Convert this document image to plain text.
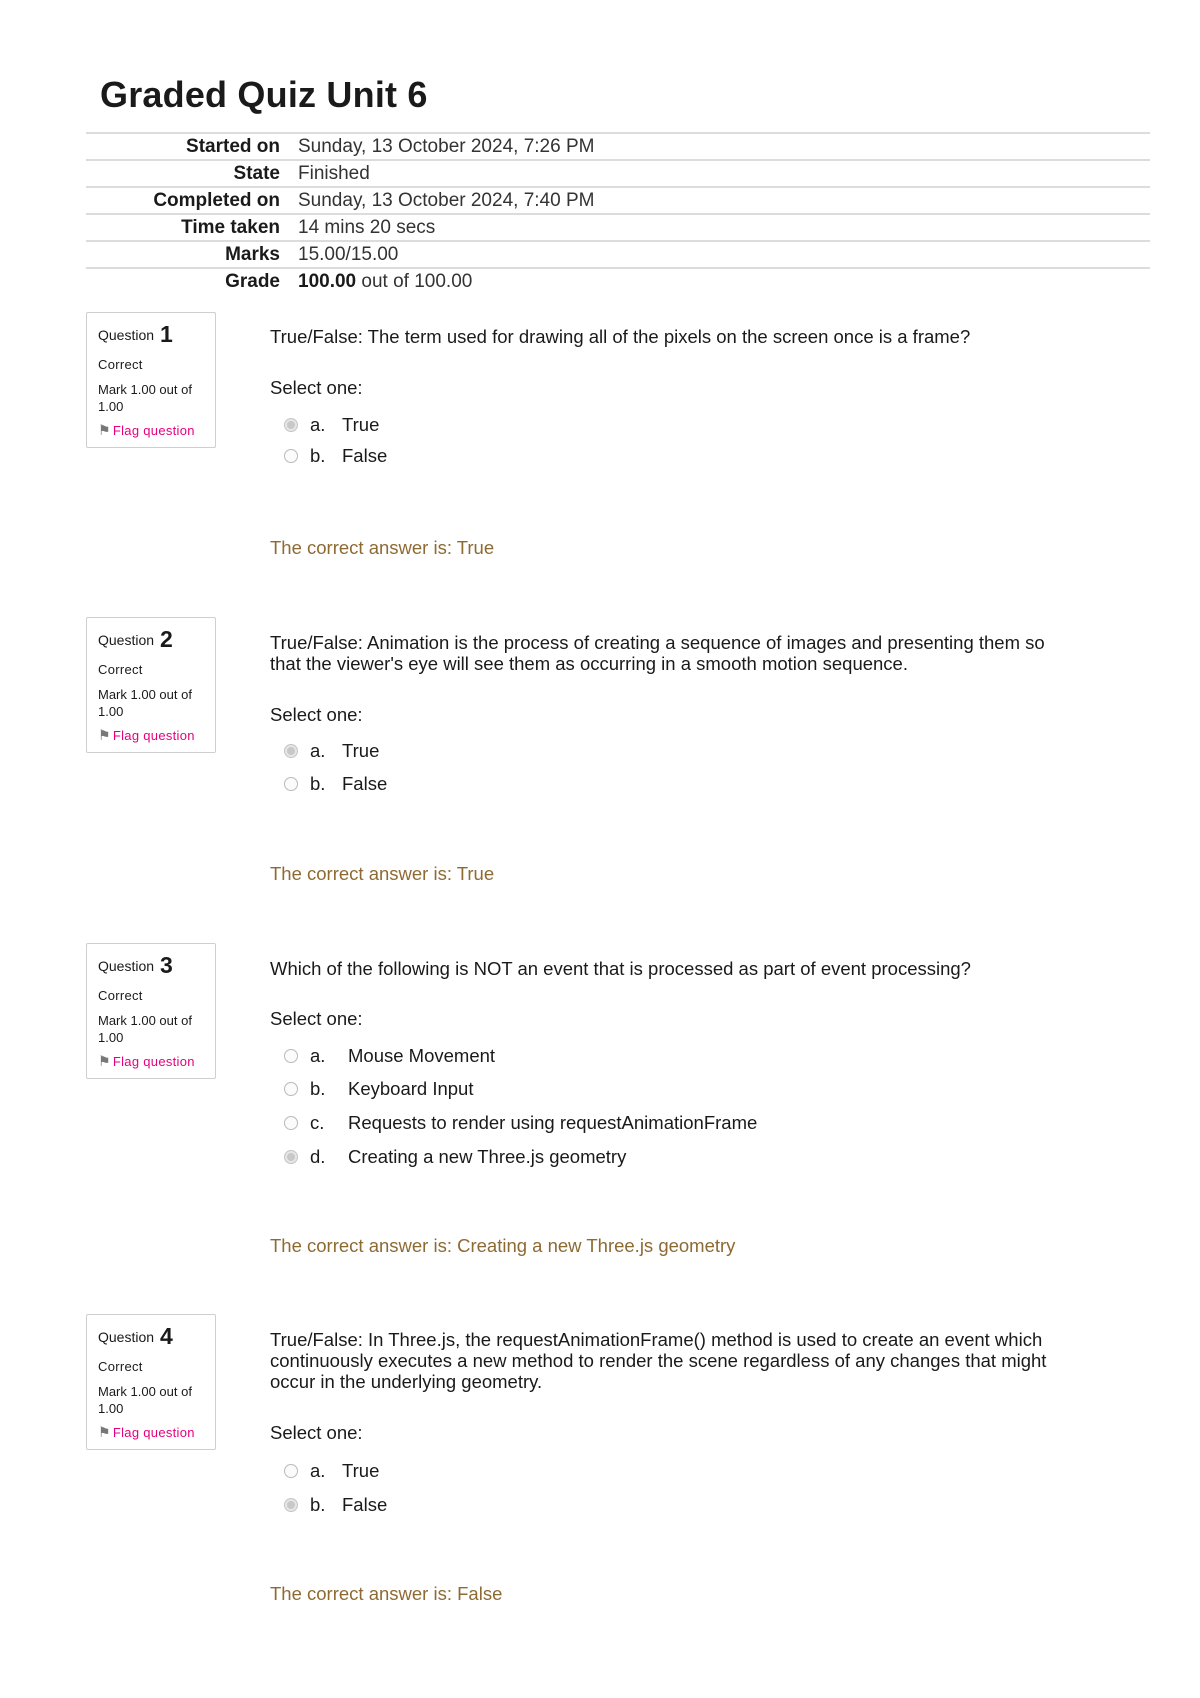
Graded Quiz Unit 6
Started on	Sunday, 13 October 2024, 7:26 PM
State	Finished
Completed on	Sunday, 13 October 2024, 7:40 PM
Time taken	14 mins 20 secs
Marks	15.00/15.00
Grade	100.00 out of 100.00
Question 1
Correct
Mark 1.00 out of 1.00
⚑ Flag question

True/False: The term used for drawing all of the pixels on the screen once is a frame?

Select one:
a. True
b. False
The correct answer is: True
Question 2
Correct
Mark 1.00 out of 1.00
⚑ Flag question

True/False: Animation is the process of creating a sequence of images and presenting them so that the viewer's eye will see them as occurring in a smooth motion sequence.

Select one:
a. True
b. False
The correct answer is: True
Question 3
Correct
Mark 1.00 out of 1.00
⚑ Flag question

Which of the following is NOT an event that is processed as part of event processing?

Select one:
a.	Mouse Movement
b.	Keyboard Input
c.	Requests to render using requestAnimationFrame
d.	Creating a new Three.js geometry
The correct answer is: Creating a new Three.js geometry
Question 4
Correct
Mark 1.00 out of 1.00
⚑ Flag question

True/False: In Three.js, the requestAnimationFrame() method is used to create an event which continuously executes a new method to render the scene regardless of any changes that might occur in the underlying geometry.

Select one:
a. True
b. False
The correct answer is: False
